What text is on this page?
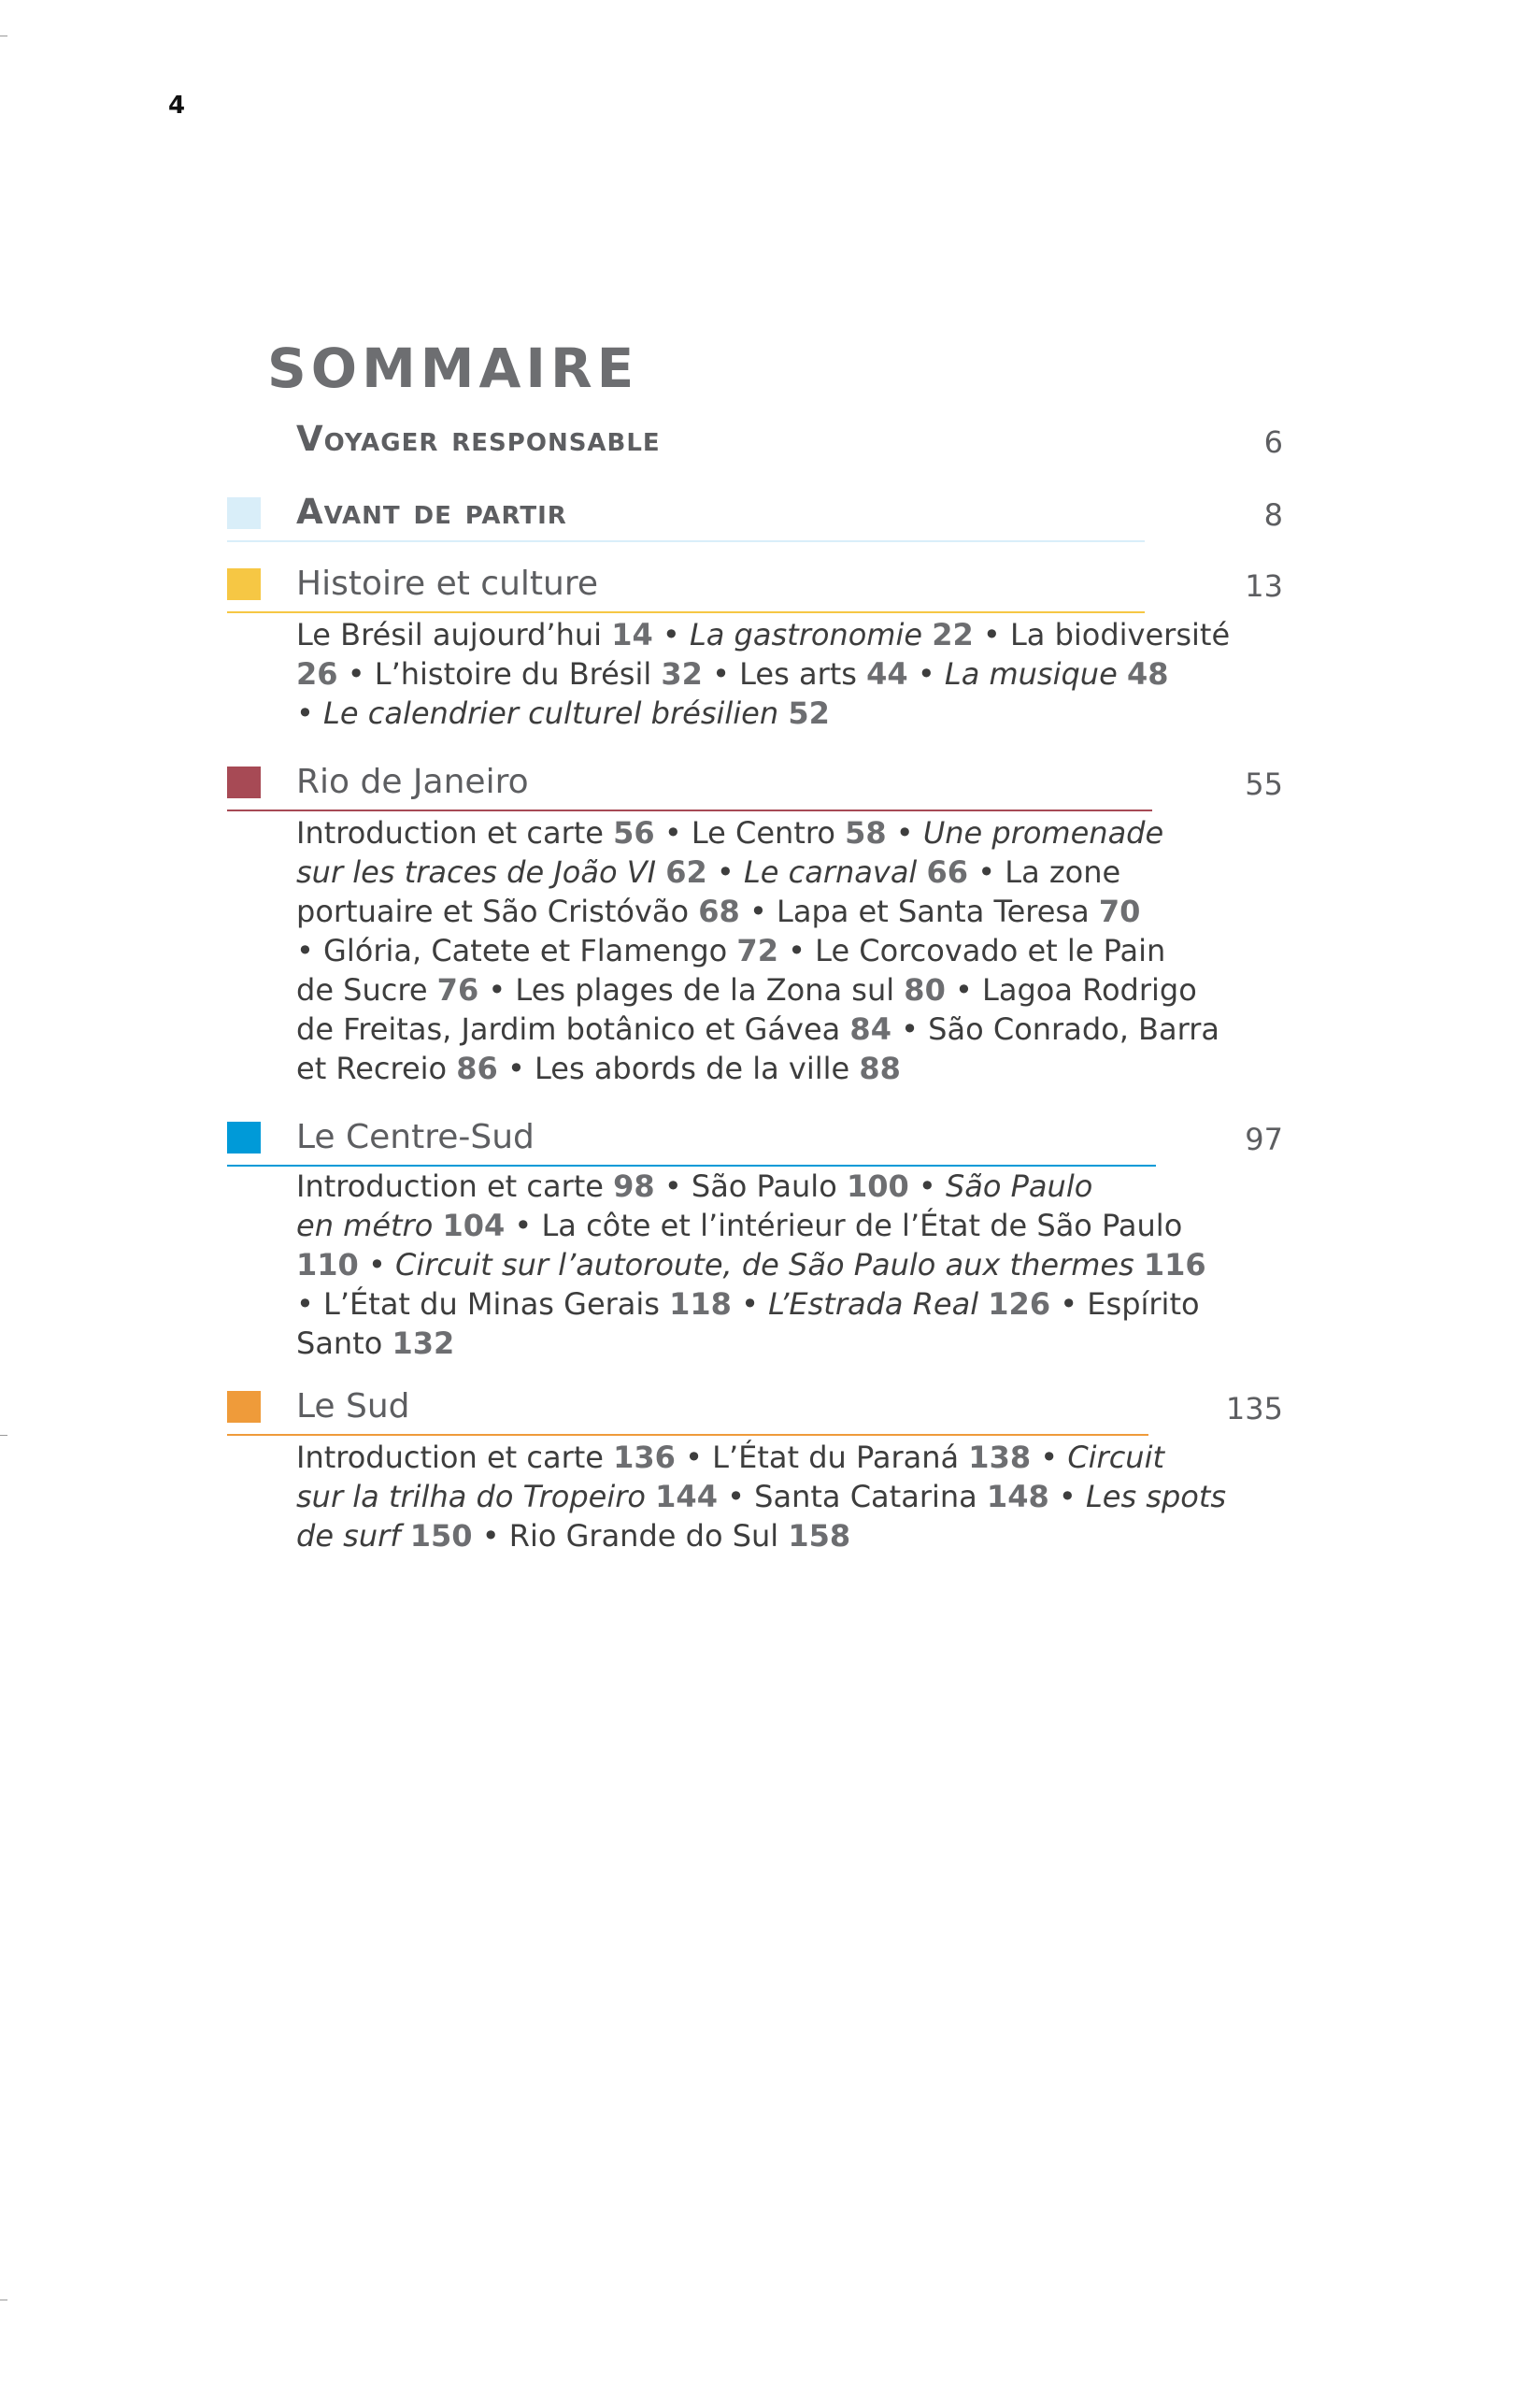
4
SOMMAIRE
Voyager responsable	6
Avant de partir	8
Histoire et culture	13
Le Brésil aujourd’hui 14 • La gastronomie 22 • La biodiversité
26 • L’histoire du Brésil 32 • Les arts 44 • La musique 48
• Le calendrier culturel brésilien 52
Rio de Janeiro	55
Introduction et carte 56 • Le Centro 58 • Une promenade
sur les traces de João VI 62 • Le carnaval 66 • La zone
portuaire et São Cristóvão 68 • Lapa et Santa Teresa 70
• Glória, Catete et Flamengo 72 • Le Corcovado et le Pain
de Sucre 76 • Les plages de la Zona sul 80 • Lagoa Rodrigo
de Freitas, Jardim botânico et Gávea 84 • São Conrado, Barra
et Recreio 86 • Les abords de la ville 88
Le Centre-Sud	97
Introduction et carte 98 • São Paulo 100 • São Paulo
en métro 104 • La côte et l’intérieur de l’État de São Paulo
110 • Circuit sur l’autoroute, de São Paulo aux thermes 116
• L’État du Minas Gerais 118 • L’Estrada Real 126 • Espírito
Santo 132
Le Sud	135
Introduction et carte 136 • L’État du Paraná 138 • Circuit
sur la trilha do Tropeiro 144 • Santa Catarina 148 • Les spots
de surf 150 • Rio Grande do Sul 158
